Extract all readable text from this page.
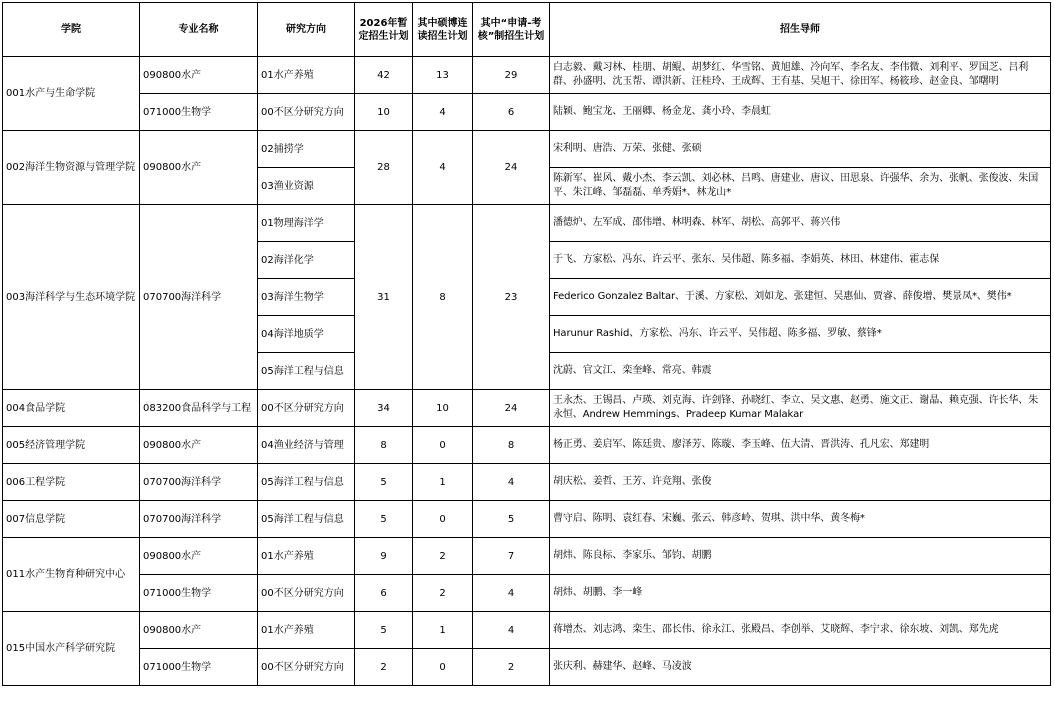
学院	专业名称	研究方向	2026年暂定招生计划	其中硕博连读招生计划	其中“申请-考核”制招生计划	招生导师
001水产与生命学院	090800水产	01水产养殖	42	13	29	白志毅、戴习林、桂朋、胡鲲、胡梦红、华雪铭、黄旭雄、冷向军、李名友、李伟微、刘利平、罗国芝、吕利群、孙盛明、沈玉帮、谭洪新、汪桂玲、王成辉、王有基、吴旭干、徐田军、杨筱珍、赵金良、邹曙明
	071000生物学	00不区分研究方向	10	4	6	陆颖、鲍宝龙、王丽卿、杨金龙、龚小玲、李晨虹
002海洋生物资源与管理学院	090800水产	02捕捞学	28	4	24	宋利明、唐浩、万荣、张健、张硕
		03渔业资源				陈新军、崔风、戴小杰、李云凯、刘必林、吕鸣、唐建业、唐议、田思泉、许强华、余为、张帆、张俊波、朱国平、朱江峰、邹磊磊、单秀娟*、林龙山*
003海洋科学与生态环境学院	070700海洋科学	01物理海洋学	31	8	23	潘德炉、左军成、邵伟增、林明森、林军、胡松、高郭平、蒋兴伟
		02海洋化学				于飞、方家松、冯东、许云平、张东、吴伟超、陈多福、李娟英、林田、林建伟、霍志保
		03海洋生物学				Federico Gonzalez Baltar、于溪、方家松、刘如龙、张建恒、吴惠仙、贾睿、薛俊增、樊景凤*、樊伟*
		04海洋地质学				Harunur Rashid、方家松、冯东、许云平、吴伟超、陈多福、罗敏、蔡锋*
		05海洋工程与信息				沈蔚、官文江、栾奎峰、常亮、韩震
004食品学院	083200食品科学与工程	00不区分研究方向	34	10	24	王永杰、王锡昌、卢瑛、刘克海、许剑锋、孙晓红、李立、吴文惠、赵勇、施文正、谢晶、赖克强、许长华、朱永恒、Andrew Hemmings、Pradeep Kumar Malakar
005经济管理学院	090800水产	04渔业经济与管理	8	0	8	杨正勇、姜启军、陈廷贵、廖泽芳、陈璇、李玉峰、伍大清、晋洪涛、孔凡宏、郑建明
006工程学院	070700海洋科学	05海洋工程与信息	5	1	4	胡庆松、姜哲、王芳、许竞翔、张俊
007信息学院	070700海洋科学	05海洋工程与信息	5	0	5	曹守启、陈明、袁红春、宋巍、张云、韩彦岭、贺琪、洪中华、黄冬梅*
011水产生物育种研究中心	090800水产	01水产养殖	9	2	7	胡炜、陈良标、李家乐、邹钧、胡鹏
	071000生物学	00不区分研究方向	6	2	4	胡炜、胡鹏、李一峰
015中国水产科学研究院	090800水产	01水产养殖	5	1	4	蒋增杰、刘志鸿、栾生、邵长伟、徐永江、张殿昌、李创举、艾晓辉、李宁求、徐东坡、刘凯、郑先虎
	071000生物学	00不区分研究方向	2	0	2	张庆利、赫建华、赵峰、马凌波
